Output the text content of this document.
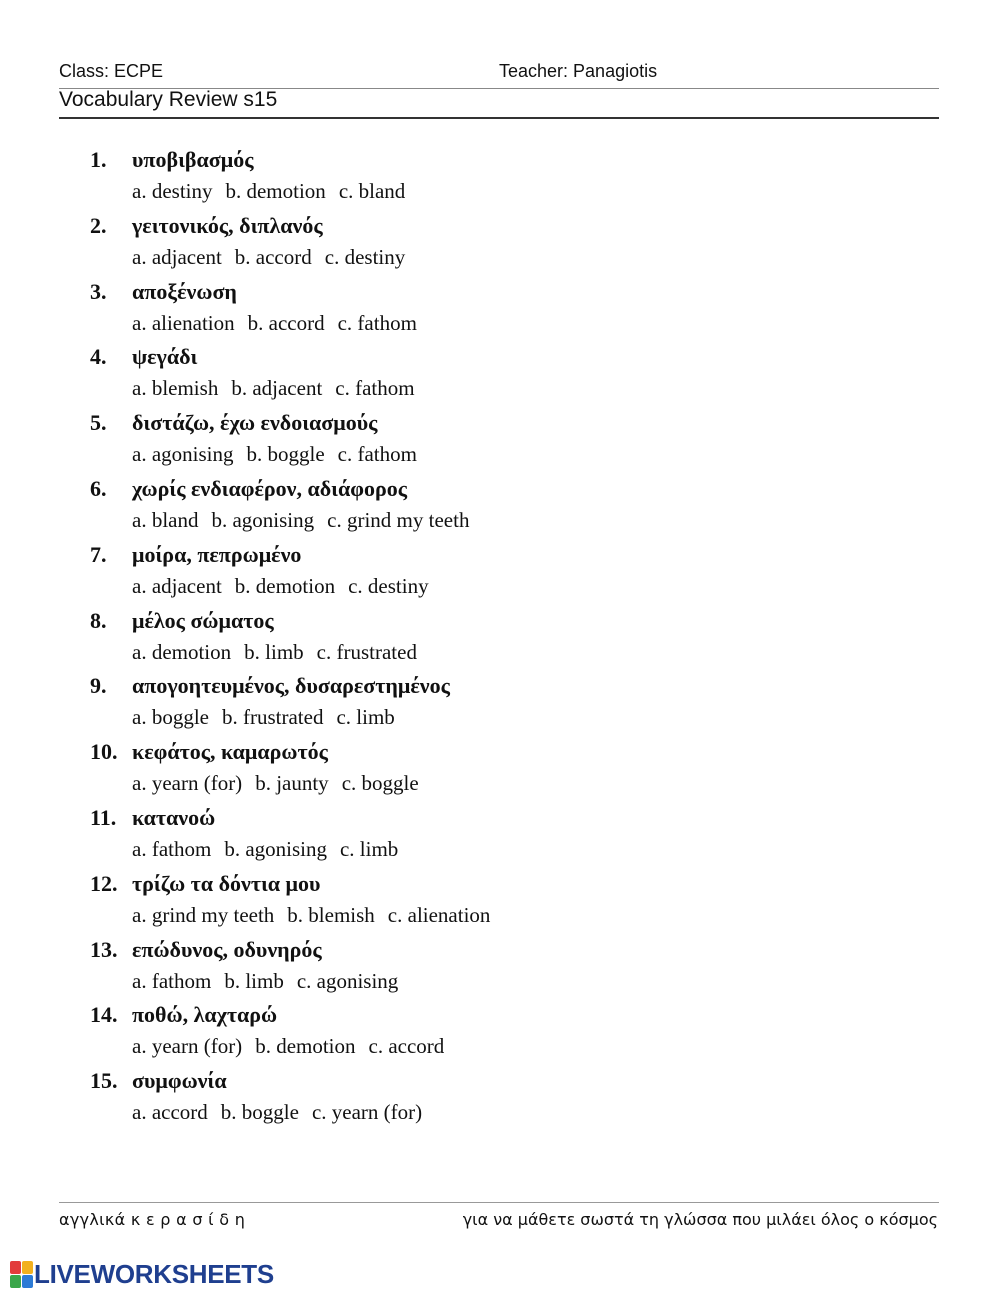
Class: ECPE	Teacher: Panagiotis
Vocabulary Review s15
1. υποβιβασμός
a. destiny b. demotion c. bland
2. γειτονικός, διπλανός
a. adjacent b. accord c. destiny
3. αποξένωση
a. alienation b. accord c. fathom
4. ψεγάδι
a. blemish b. adjacent c. fathom
5. διστάζω, έχω ενδοιασμούς
a. agonising b. boggle c. fathom
6. χωρίς ενδιαφέρον, αδιάφορος
a. bland b. agonising c. grind my teeth
7. μοίρα, πεπρωμένο
a. adjacent b. demotion c. destiny
8. μέλος σώματος
a. demotion b. limb c. frustrated
9. απογοητευμένος, δυσαρεστημένος
a. boggle b. frustrated c. limb
10. κεφάτος, καμαρωτός
a. yearn (for) b. jaunty c. boggle
11. κατανοώ
a. fathom b. agonising c. limb
12. τρίζω τα δόντια μου
a. grind my teeth b. blemish c. alienation
13. επώδυνος, οδυνηρός
a. fathom b. limb c. agonising
14. ποθώ, λαχταρώ
a. yearn (for) b. demotion c. accord
15. συμφωνία
a. accord b. boggle c. yearn (for)
αγγλικά κ ε ρ α σ ί δ η	για να μάθετε σωστά τη γλώσσα που μιλάει όλος ο κόσμος
LIVEWORKSHEETS
